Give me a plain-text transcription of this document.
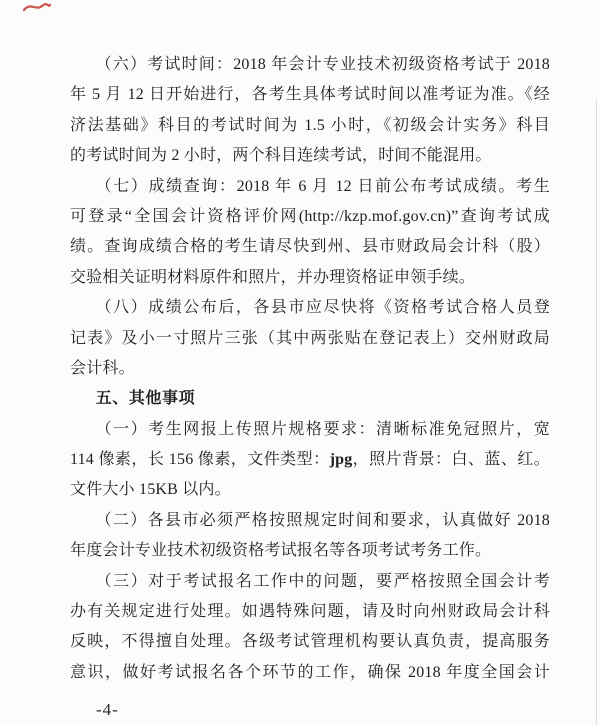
（六）考试时间：2018 年会计专业技术初级资格考试于 2018
年 5 月 12 日开始进行，各考生具体考试时间以准考证为准。《经
济法基础》科目的考试时间为 1.5 小时，《初级会计实务》科目
的考试时间为 2 小时，两个科目连续考试，时间不能混用。
（七）成绩查询：2018 年 6 月 12 日前公布考试成绩。考生
可登录“全国会计资格评价网(http://kzp.mof.gov.cn)”查询考试成
绩。查询成绩合格的考生请尽快到州、县市财政局会计科（股）
交验相关证明材料原件和照片，并办理资格证申领手续。
（八）成绩公布后，各县市应尽快将《资格考试合格人员登
记表》及小一寸照片三张（其中两张贴在登记表上）交州财政局
会计科。
五、其他事项
（一）考生网报上传照片规格要求：清晰标准免冠照片，宽
114 像素，长 156 像素，文件类型：jpg，照片背景：白、蓝、红。
文件大小 15KB 以内。
（二）各县市必须严格按照规定时间和要求，认真做好 2018
年度会计专业技术初级资格考试报名等各项考试考务工作。
（三）对于考试报名工作中的问题，要严格按照全国会计考
办有关规定进行处理。如遇特殊问题，请及时向州财政局会计科
反映，不得擅自处理。各级考试管理机构要认真负责，提高服务
意识，做好考试报名各个环节的工作，确保 2018 年度全国会计
-4-
